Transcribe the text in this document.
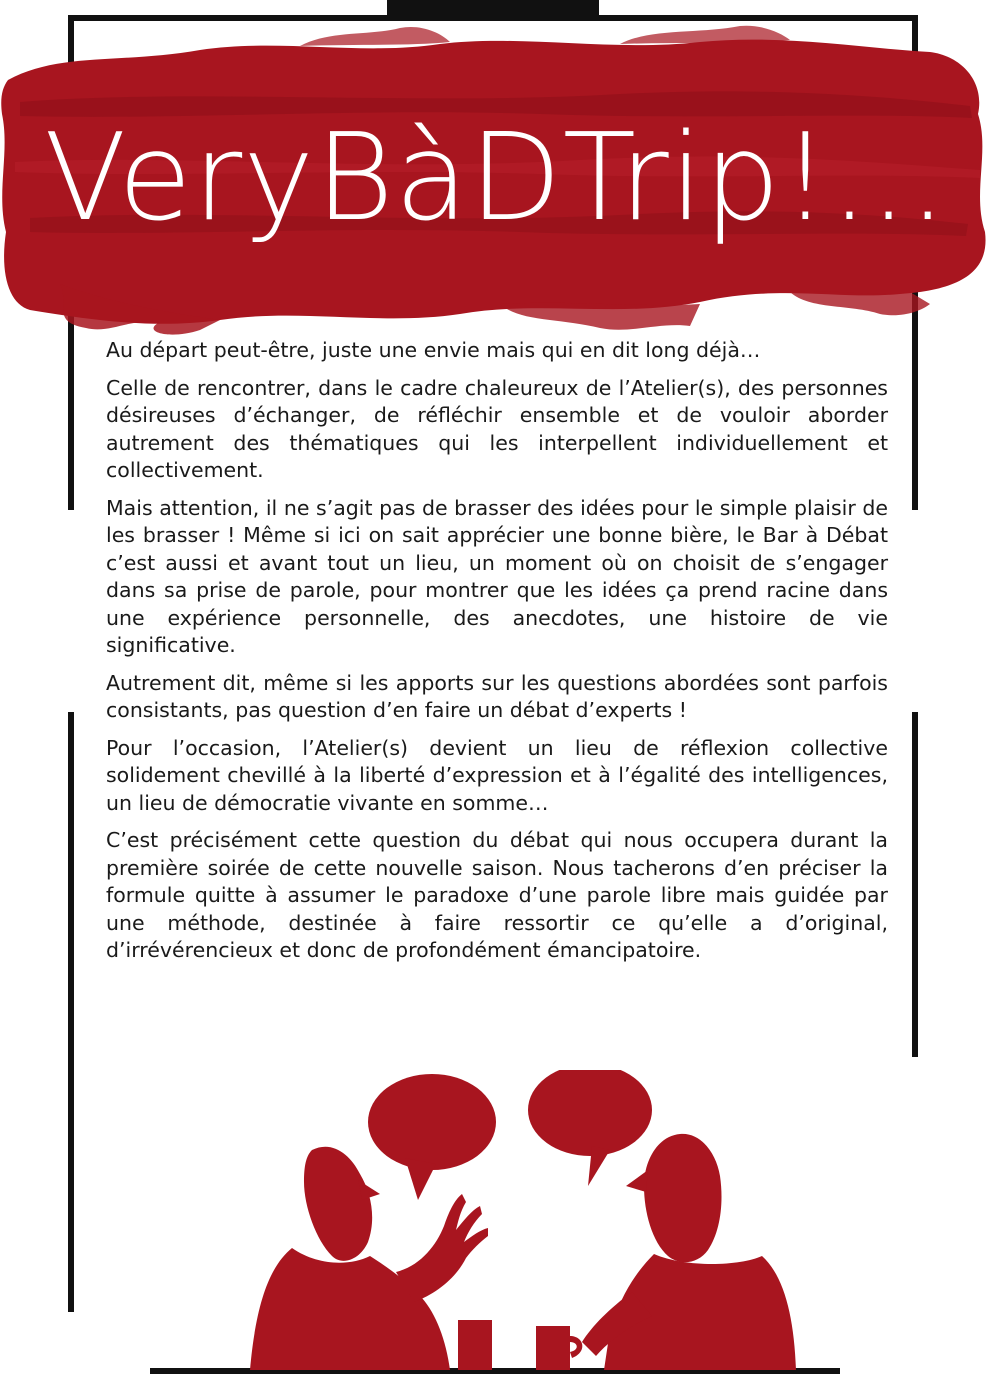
VeryBàDTrip!...

Au départ peut-être, juste une envie mais qui en dit long déjà…

Celle de rencontrer, dans le cadre chaleureux de l’Atelier(s), des personnes désireuses d’échanger, de réfléchir ensemble et de vouloir aborder autrement des thématiques qui les interpellent individuellement et collectivement.

Mais attention, il ne s’agit pas de brasser des idées pour le simple plaisir de les brasser ! Même si ici on sait apprécier une bonne bière, le Bar à Débat c’est aussi et avant tout un lieu, un moment où on choisit de s’engager dans sa prise de parole, pour montrer que les idées ça prend racine dans une expérience personnelle, des anecdotes, une histoire de vie significative.

Autrement dit, même si les apports sur les questions abordées sont parfois consistants, pas question d’en faire un débat d’experts !

Pour l’occasion, l’Atelier(s) devient un lieu de réflexion collective solidement chevillé à la liberté d’expression et à l’égalité des intelligences, un lieu de démocratie vivante en somme…

C’est précisément cette question du débat qui nous occupera durant la première soirée de cette nouvelle saison. Nous tacherons d’en préciser la formule quitte à assumer le paradoxe d’une parole libre mais guidée par une méthode, destinée à faire ressortir ce qu’elle a d’original, d’irrévérencieux et donc de profondément émancipatoire.
